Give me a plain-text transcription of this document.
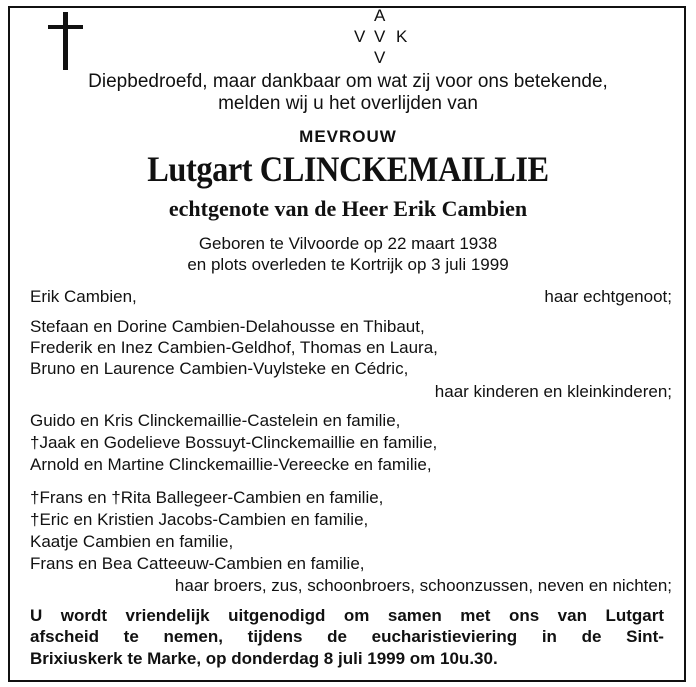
A
V V K
V
Diepbedroefd, maar dankbaar om wat zij voor ons betekende,
melden wij u het overlijden van
MEVROUW
Lutgart CLINCKEMAILLIE
echtgenote van de Heer Erik Cambien
Geboren te Vilvoorde op 22 maart 1938
en plots overleden te Kortrijk op 3 juli 1999
Erik Cambien,	haar echtgenoot;
Stefaan en Dorine Cambien-Delahousse en Thibaut,
Frederik en Inez Cambien-Geldhof, Thomas en Laura,
Bruno en Laurence Cambien-Vuylsteke en Cédric,
haar kinderen en kleinkinderen;
Guido en Kris Clinckemaillie-Castelein en familie,
†Jaak en Godelieve Bossuyt-Clinckemaillie en familie,
Arnold en Martine Clinckemaillie-Vereecke en familie,
†Frans en †Rita Ballegeer-Cambien en familie,
†Eric en Kristien Jacobs-Cambien en familie,
Kaatje Cambien en familie,
Frans en Bea Catteeuw-Cambien en familie,
haar broers, zus, schoonbroers, schoonzussen, neven en nichten;
U wordt vriendelijk uitgenodigd om samen met ons van Lutgart
afscheid te nemen, tijdens de eucharistieviering in de Sint-
Brixiuskerk te Marke, op donderdag 8 juli 1999 om 10u.30.
